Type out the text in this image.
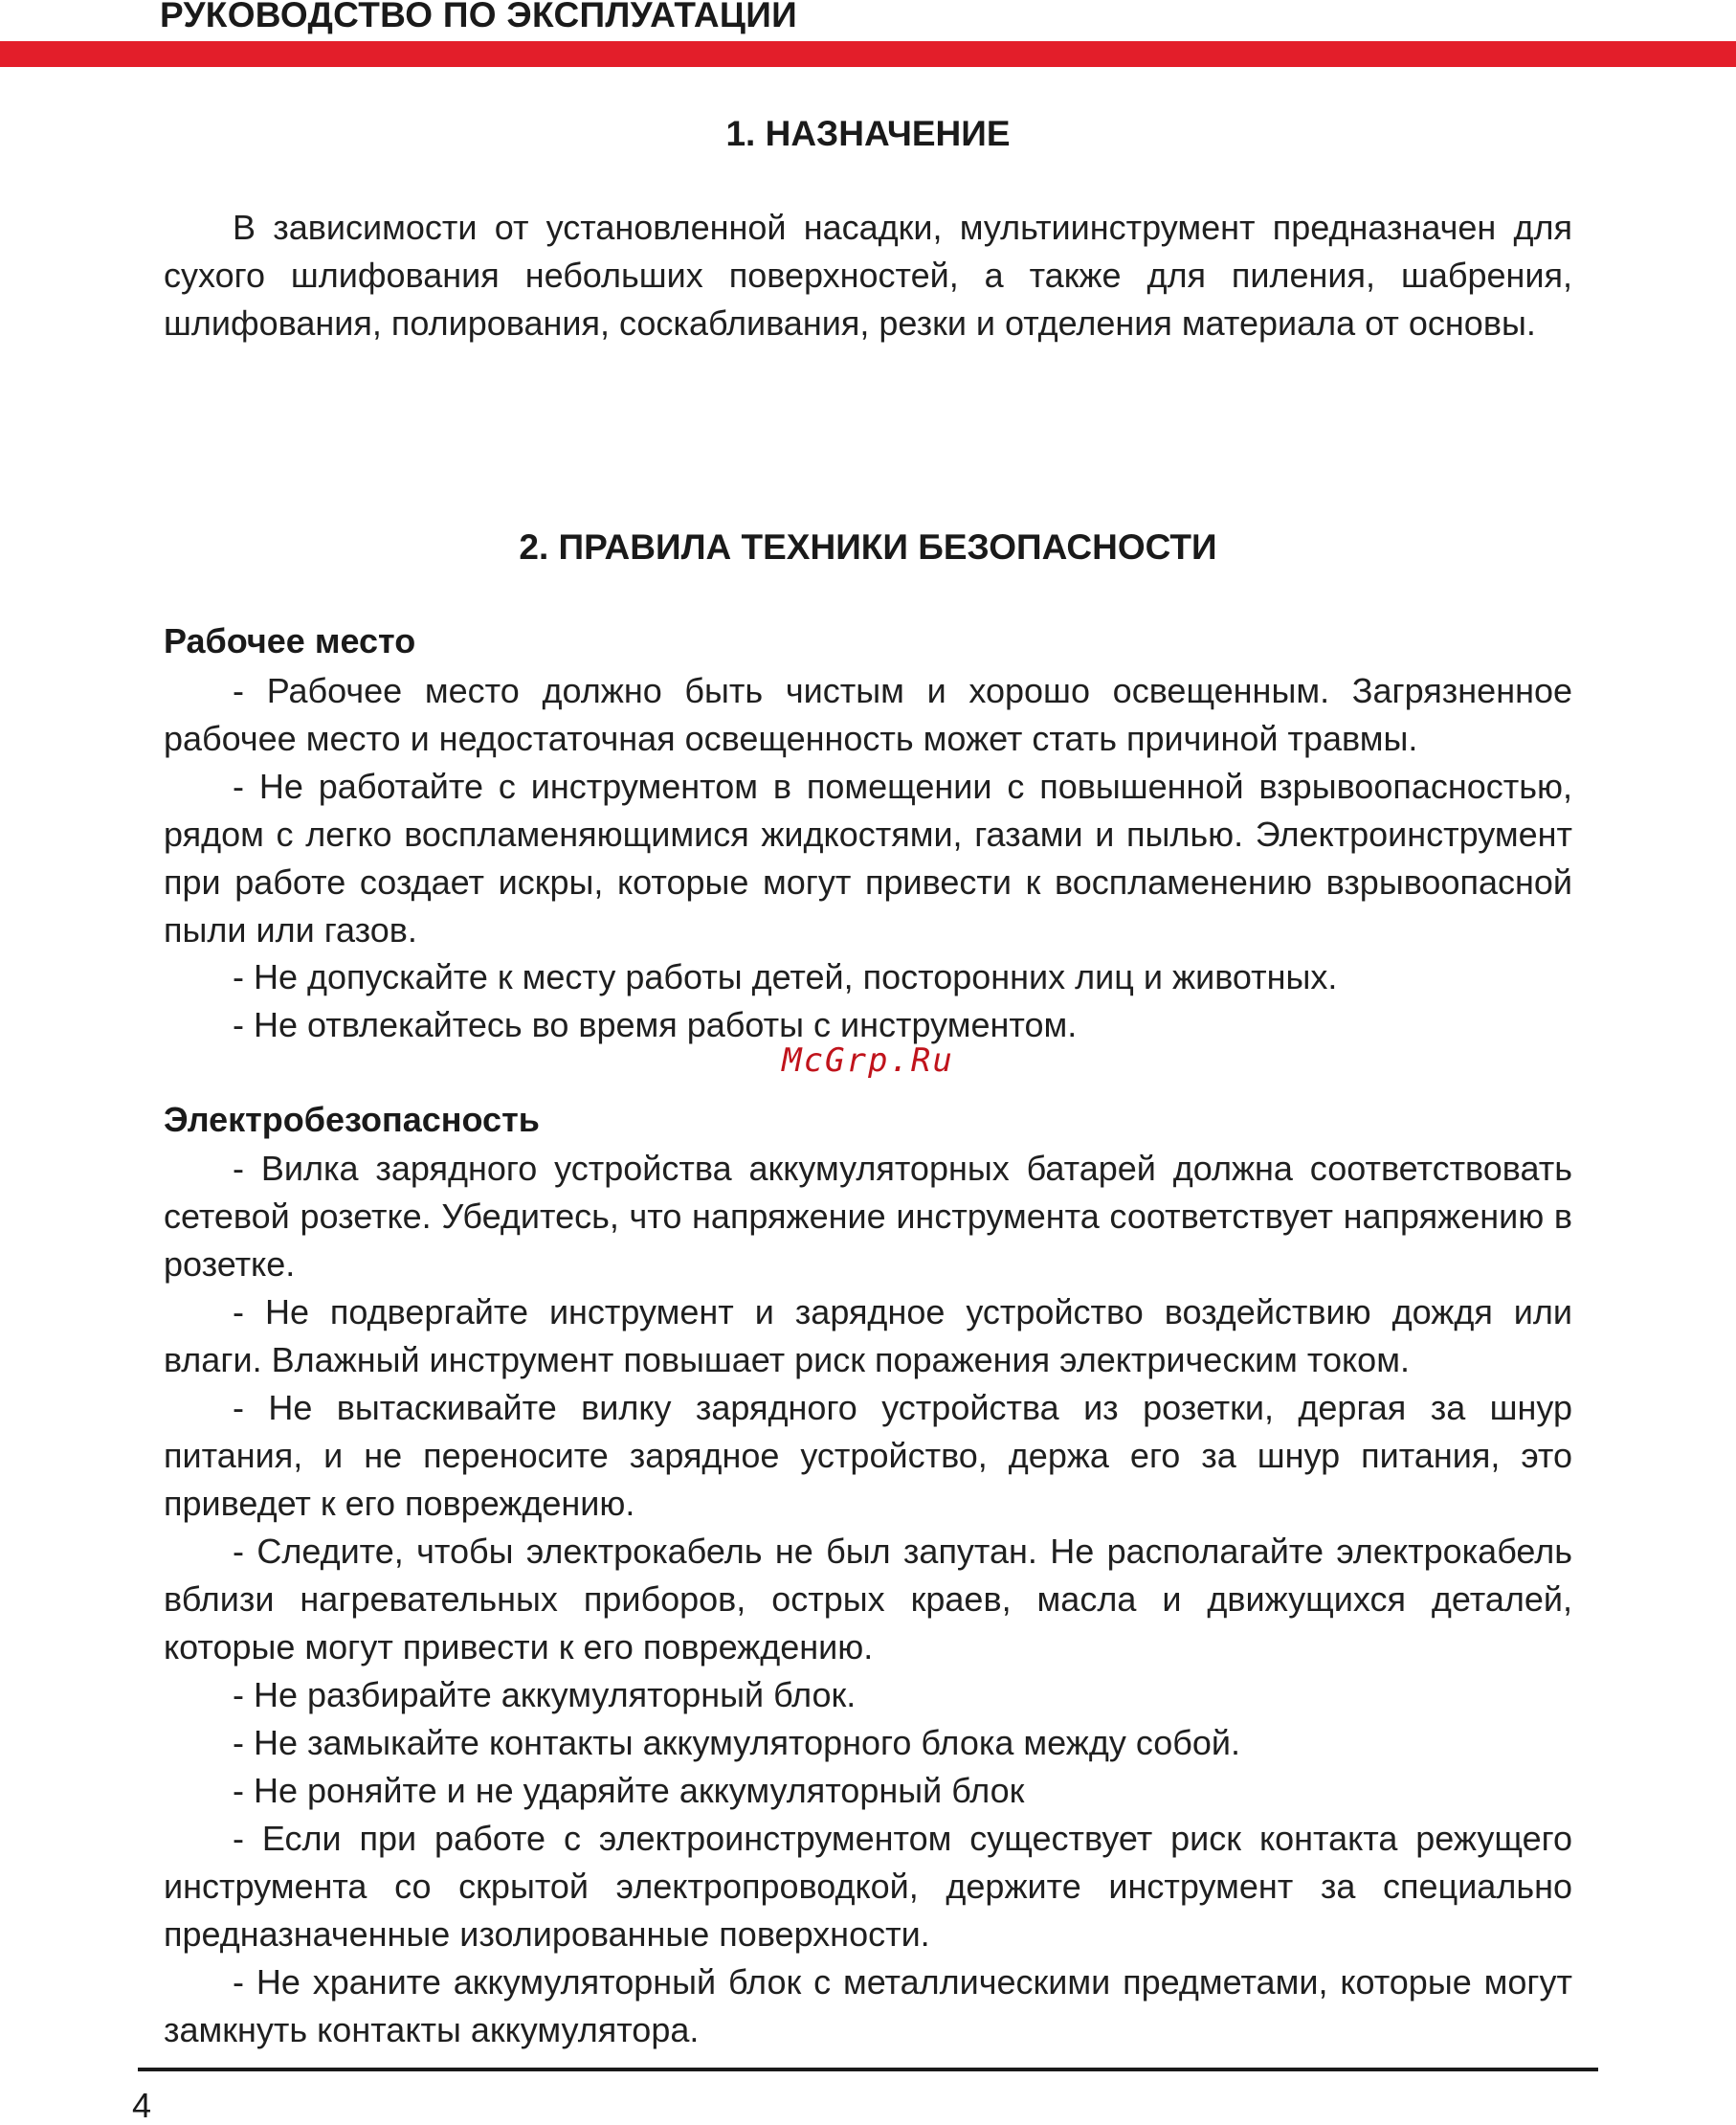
РУКОВОДСТВО ПО ЭКСПЛУАТАЦИИ
1. НАЗНАЧЕНИЕ

В зависимости от установленной насадки, мультиинструмент предназначен для сухого шлифования небольших поверхностей, а также для пиления, шабрения, шлифования, полирования, соскабливания, резки и отделения материала от основы.

2. ПРАВИЛА ТЕХНИКИ БЕЗОПАСНОСТИ
Рабочее место

- Рабочее место должно быть чистым и хорошо освещенным. Загрязненное рабочее место и недостаточная освещенность может стать причиной травмы.

- Не работайте с инструментом в помещении с повышенной взрывоопасностью, рядом с легко воспламеняющимися жидкостями, газами и пылью. Электроинструмент при работе создает искры, которые могут привести к воспламенению взрывоопасной пыли или газов.

- Не допускайте к месту работы детей, посторонних лиц и животных.

- Не отвлекайтесь во время работы с инструментом.

McGrp.Ru
Электробезопасность

- Вилка зарядного устройства аккумуляторных батарей должна соответствовать сетевой розетке. Убедитесь, что напряжение инструмента соответствует напряжению в розетке.

- Не подвергайте инструмент и зарядное устройство воздействию дождя или влаги. Влажный инструмент повышает риск поражения электрическим током.

- Не вытаскивайте вилку зарядного устройства из розетки, дергая за шнур питания, и не переносите зарядное устройство, держа его за шнур питания, это приведет к его повреждению.

- Следите, чтобы электрокабель не был запутан. Не располагайте электрокабель вблизи нагревательных приборов, острых краев, масла и движущихся деталей, которые могут привести к его повреждению.

- Не разбирайте аккумуляторный блок.

- Не замыкайте контакты аккумуляторного блока между собой.

- Не роняйте и не ударяйте аккумуляторный блок

- Если при работе с электроинструментом существует риск контакта режущего инструмента со скрытой электропроводкой, держите инструмент за специально предназначенные изолированные поверхности.

- Не храните аккумуляторный блок с металлическими предметами, которые могут замкнуть контакты аккумулятора.

4
